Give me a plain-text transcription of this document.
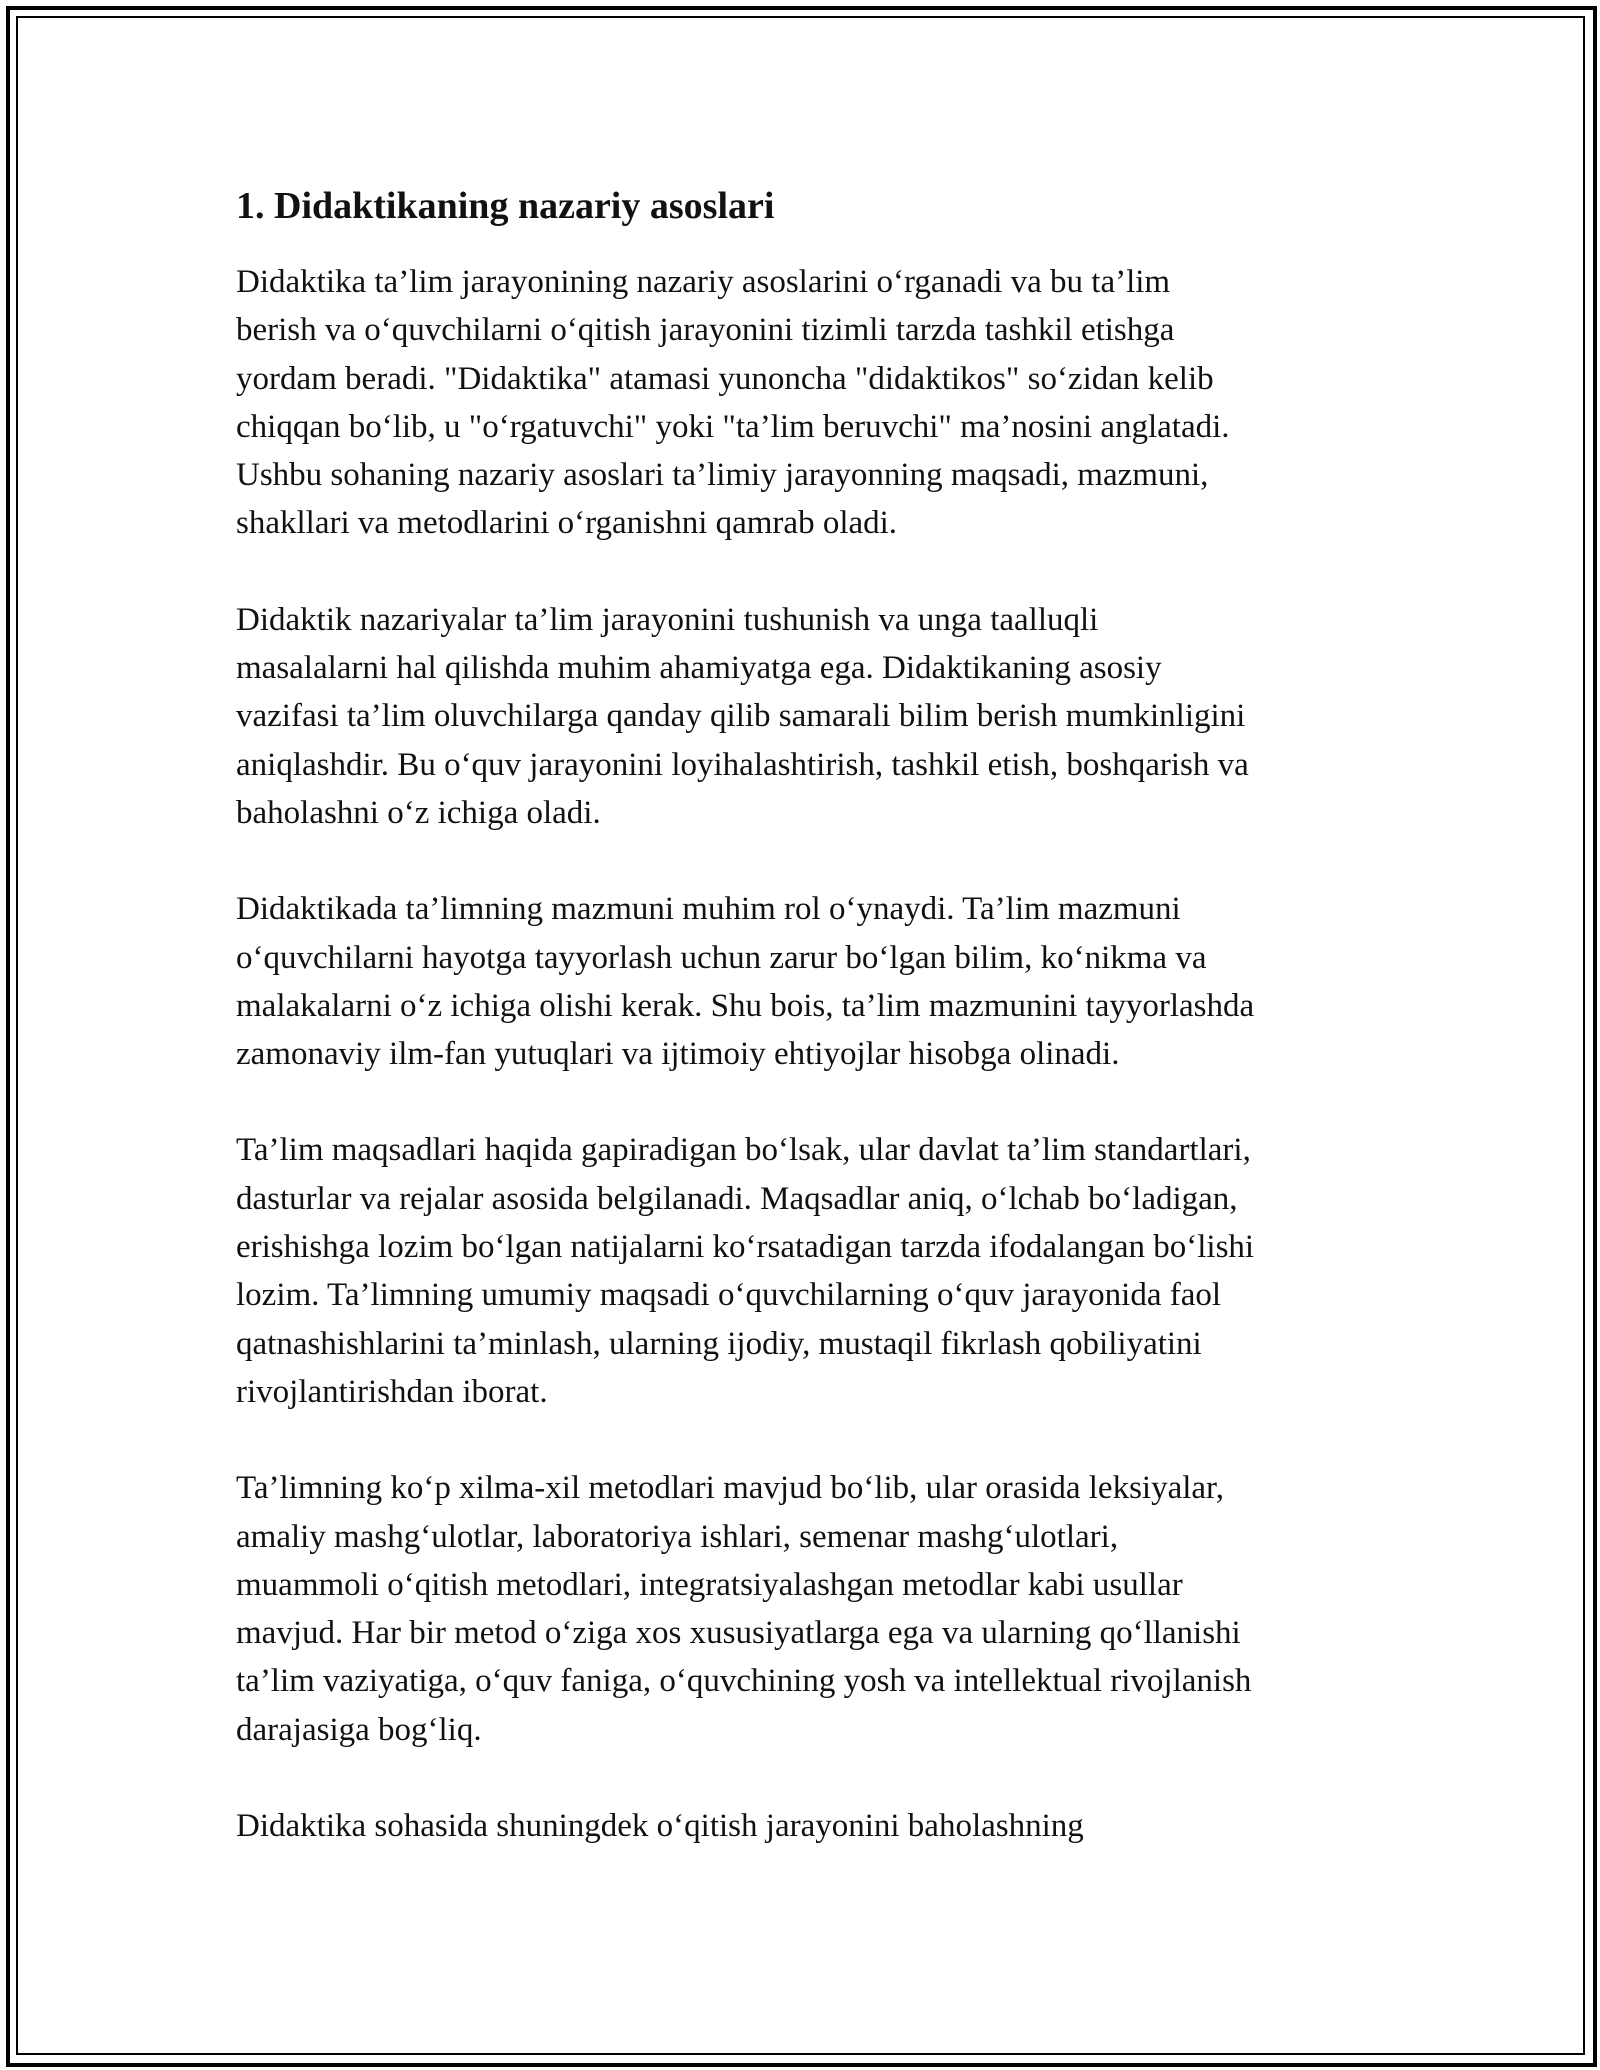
1. Didaktikaning nazariy asoslari

Didaktika ta’lim jarayonining nazariy asoslarini o‘rganadi va bu ta’lim
berish va o‘quvchilarni o‘qitish jarayonini tizimli tarzda tashkil etishga
yordam beradi. "Didaktika" atamasi yunoncha "didaktikos" so‘zidan kelib
chiqqan bo‘lib, u "o‘rgatuvchi" yoki "ta’lim beruvchi" ma’nosini anglatadi.
Ushbu sohaning nazariy asoslari ta’limiy jarayonning maqsadi, mazmuni,
shakllari va metodlarini o‘rganishni qamrab oladi.

Didaktik nazariyalar ta’lim jarayonini tushunish va unga taalluqli
masalalarni hal qilishda muhim ahamiyatga ega. Didaktikaning asosiy
vazifasi ta’lim oluvchilarga qanday qilib samarali bilim berish mumkinligini
aniqlashdir. Bu o‘quv jarayonini loyihalashtirish, tashkil etish, boshqarish va
baholashni o‘z ichiga oladi.

Didaktikada ta’limning mazmuni muhim rol o‘ynaydi. Ta’lim mazmuni
o‘quvchilarni hayotga tayyorlash uchun zarur bo‘lgan bilim, ko‘nikma va
malakalarni o‘z ichiga olishi kerak. Shu bois, ta’lim mazmunini tayyorlashda
zamonaviy ilm-fan yutuqlari va ijtimoiy ehtiyojlar hisobga olinadi.

Ta’lim maqsadlari haqida gapiradigan bo‘lsak, ular davlat ta’lim standartlari,
dasturlar va rejalar asosida belgilanadi. Maqsadlar aniq, o‘lchab bo‘ladigan,
erishishga lozim bo‘lgan natijalarni ko‘rsatadigan tarzda ifodalangan bo‘lishi
lozim. Ta’limning umumiy maqsadi o‘quvchilarning o‘quv jarayonida faol
qatnashishlarini ta’minlash, ularning ijodiy, mustaqil fikrlash qobiliyatini
rivojlantirishdan iborat.

Ta’limning ko‘p xilma-xil metodlari mavjud bo‘lib, ular orasida leksiyalar,
amaliy mashg‘ulotlar, laboratoriya ishlari, semenar mashg‘ulotlari,
muammoli o‘qitish metodlari, integratsiyalashgan metodlar kabi usullar
mavjud. Har bir metod o‘ziga xos xususiyatlarga ega va ularning qo‘llanishi
ta’lim vaziyatiga, o‘quv faniga, o‘quvchining yosh va intellektual rivojlanish
darajasiga bog‘liq.

Didaktika sohasida shuningdek o‘qitish jarayonini baholashning
